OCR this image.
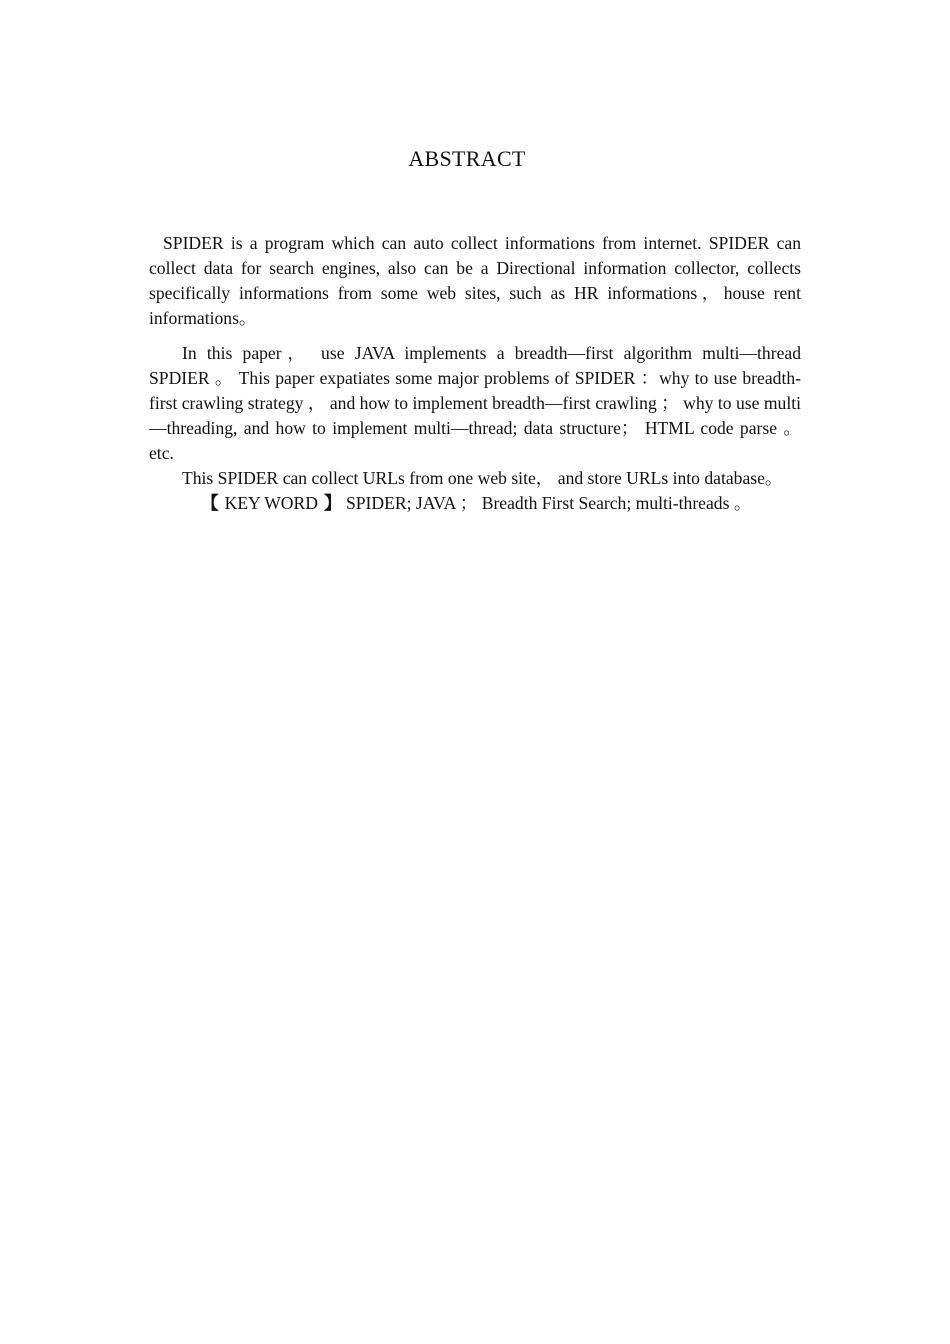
ABSTRACT

SPIDER is a program which can auto collect informations from internet. SPIDER can collect data for search engines, also can be a Directional information collector, collects specifically informations from some web sites, such as HR informations，house rent informations。

In this paper， use JAVA implements a breadth—first algorithm multi—thread SPDIER 。 This paper expatiates some major problems of SPIDER ：why to use breadth-first crawling strategy ， and how to implement breadth—first crawling ； why to use multi—threading, and how to implement multi—thread; data structure； HTML code parse 。 etc.

This SPIDER can collect URLs from one web site， and store URLs into database。

【 KEY WORD 】 SPIDER; JAVA ； Breadth First Search; multi-threads 。
